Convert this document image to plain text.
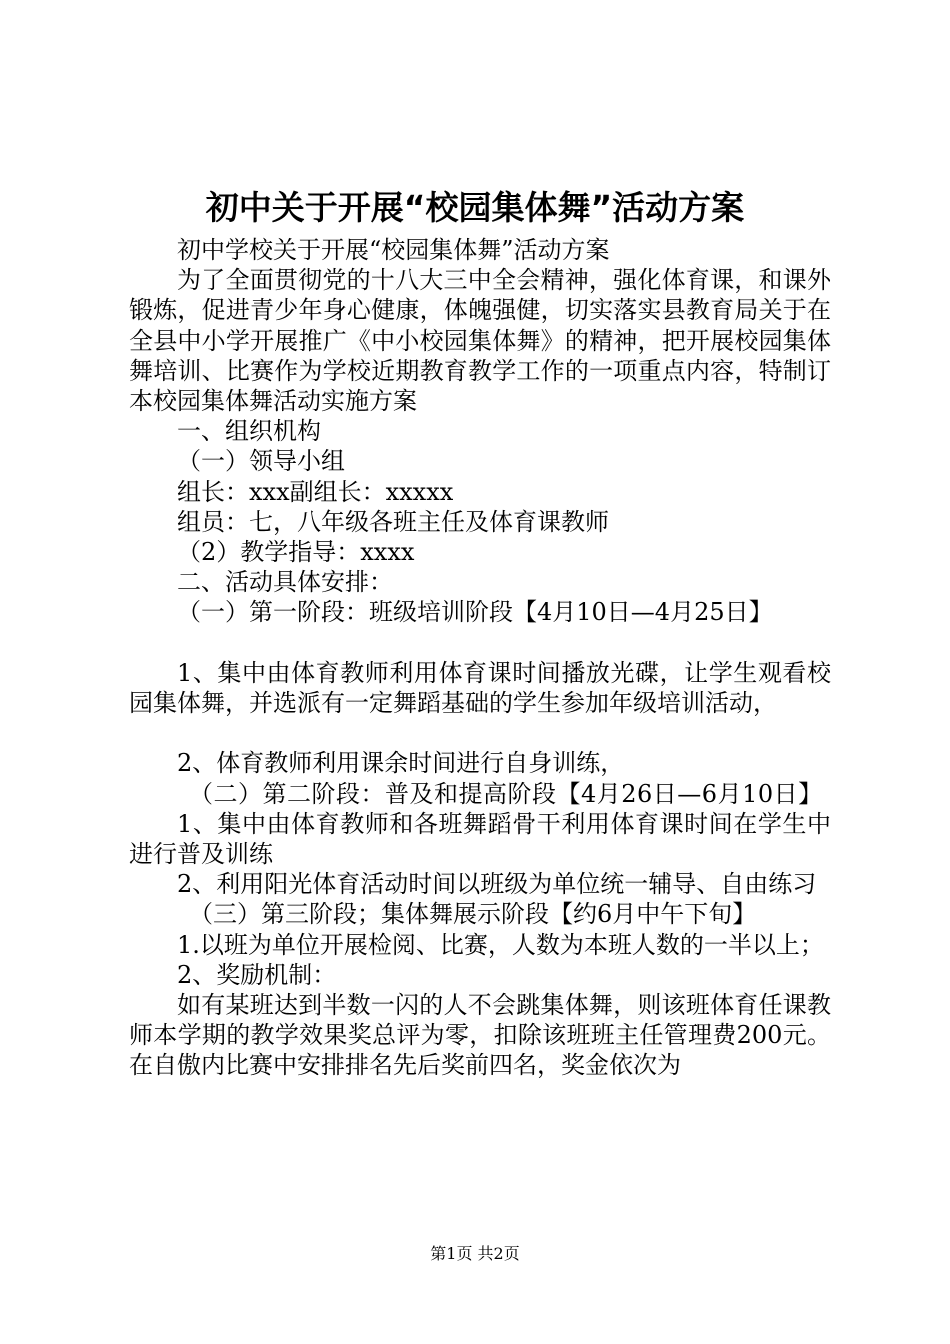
初中关于开展“校园集体舞”活动方案

初中学校关于开展“校园集体舞”活动方案

为了全面贯彻党的十八大三中全会精神，强化体育课，和课外锻炼，促进青少年身心健康，体魄强健，切实落实县教育局关于在全县中小学开展推广《中小校园集体舞》的精神，把开展校园集体舞培训、比赛作为学校近期教育教学工作的一项重点内容，特制订本校园集体舞活动实施方案

一、组织机构

（一）领导小组

组长：xxx副组长：xxxxx

组员：七，八年级各班主任及体育课教师

（2）教学指导：xxxx

二、活动具体安排：

（一）第一阶段：班级培训阶段【4月10日—4月25日】

1、集中由体育教师利用体育课时间播放光碟，让学生观看校园集体舞，并选派有一定舞蹈基础的学生参加年级培训活动，

2、体育教师利用课余时间进行自身训练，

（二）第二阶段：普及和提高阶段【4月26日—6月10日】

1、集中由体育教师和各班舞蹈骨干利用体育课时间在学生中进行普及训练

2、利用阳光体育活动时间以班级为单位统一辅导、自由练习

（三）第三阶段；集体舞展示阶段【约6月中午下旬】

1.以班为单位开展检阅、比赛，人数为本班人数的一半以上；

2、奖励机制：

如有某班达到半数一闪的人不会跳集体舞，则该班体育任课教师本学期的教学效果奖总评为零，扣除该班班主任管理费200元。在自傲内比赛中安排排名先后奖前四名，奖金依次为

第1页 共2页
